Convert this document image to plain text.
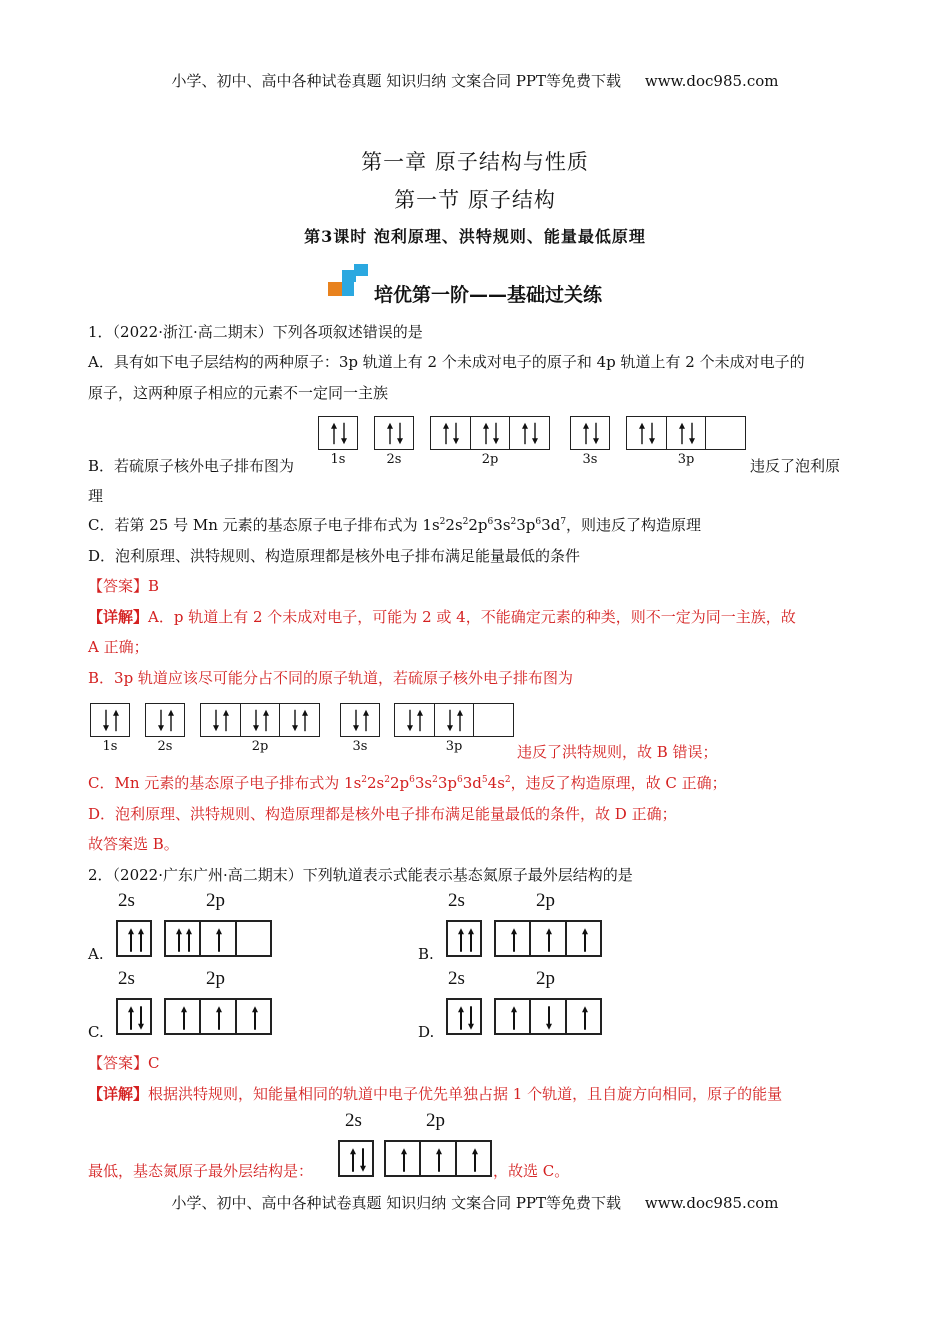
小学、初中、高中各种试卷真题 知识归纳 文案合同 PPT等免费下载 www.doc985.com
第一章 原子结构与性质
第一节 原子结构
第3课时 泡利原理、洪特规则、能量最低原理
培优第一阶——基础过关练
1．（2022·浙江·高二期末）下列各项叙述错误的是
A．具有如下电子层结构的两种原子：3p 轨道上有 2 个未成对电子的原子和 4p 轨道上有 2 个未成对电子的
原子，这两种原子相应的元素不一定同一主族
1s	2s	2p	3s	3p
B．若硫原子核外电子排布图为	违反了泡利原
理
C．若第 25 号 Mn 元素的基态原子电子排布式为 $1s^22s^22p^63s^23p^63d^7$，则违反了构造原理
D．泡利原理、洪特规则、构造原理都是核外电子排布满足能量最低的条件
【答案】B
【详解】A．p 轨道上有 2 个未成对电子，可能为 2 或 4，不能确定元素的种类，则不一定为同一主族，故
A 正确；
B．3p 轨道应该尽可能分占不同的原子轨道，若硫原子核外电子排布图为
1s	2s	2p	3s	3p	违反了洪特规则，故 B 错误；
C．Mn 元素的基态原子电子排布式为 $1s^22s^22p^63s^23p^63d^54s^2$，违反了构造原理，故 C 正确；
D．泡利原理、洪特规则、构造原理都是核外电子排布满足能量最低的条件，故 D 正确；
故答案选 B。
2．（2022·广东广州·高二期末）下列轨道表示式能表示基态氮原子最外层结构的是
A.
2s	2p
B.
2s	2p
C.
2s	2p
D.
2s	2p
【答案】C
【详解】根据洪特规则，知能量相同的轨道中电子优先单独占据 1 个轨道，且自旋方向相同，原子的能量
最低，基态氮原子最外层结构是：
2s	2p
，故选 C。
小学、初中、高中各种试卷真题 知识归纳 文案合同 PPT等免费下载 www.doc985.com
